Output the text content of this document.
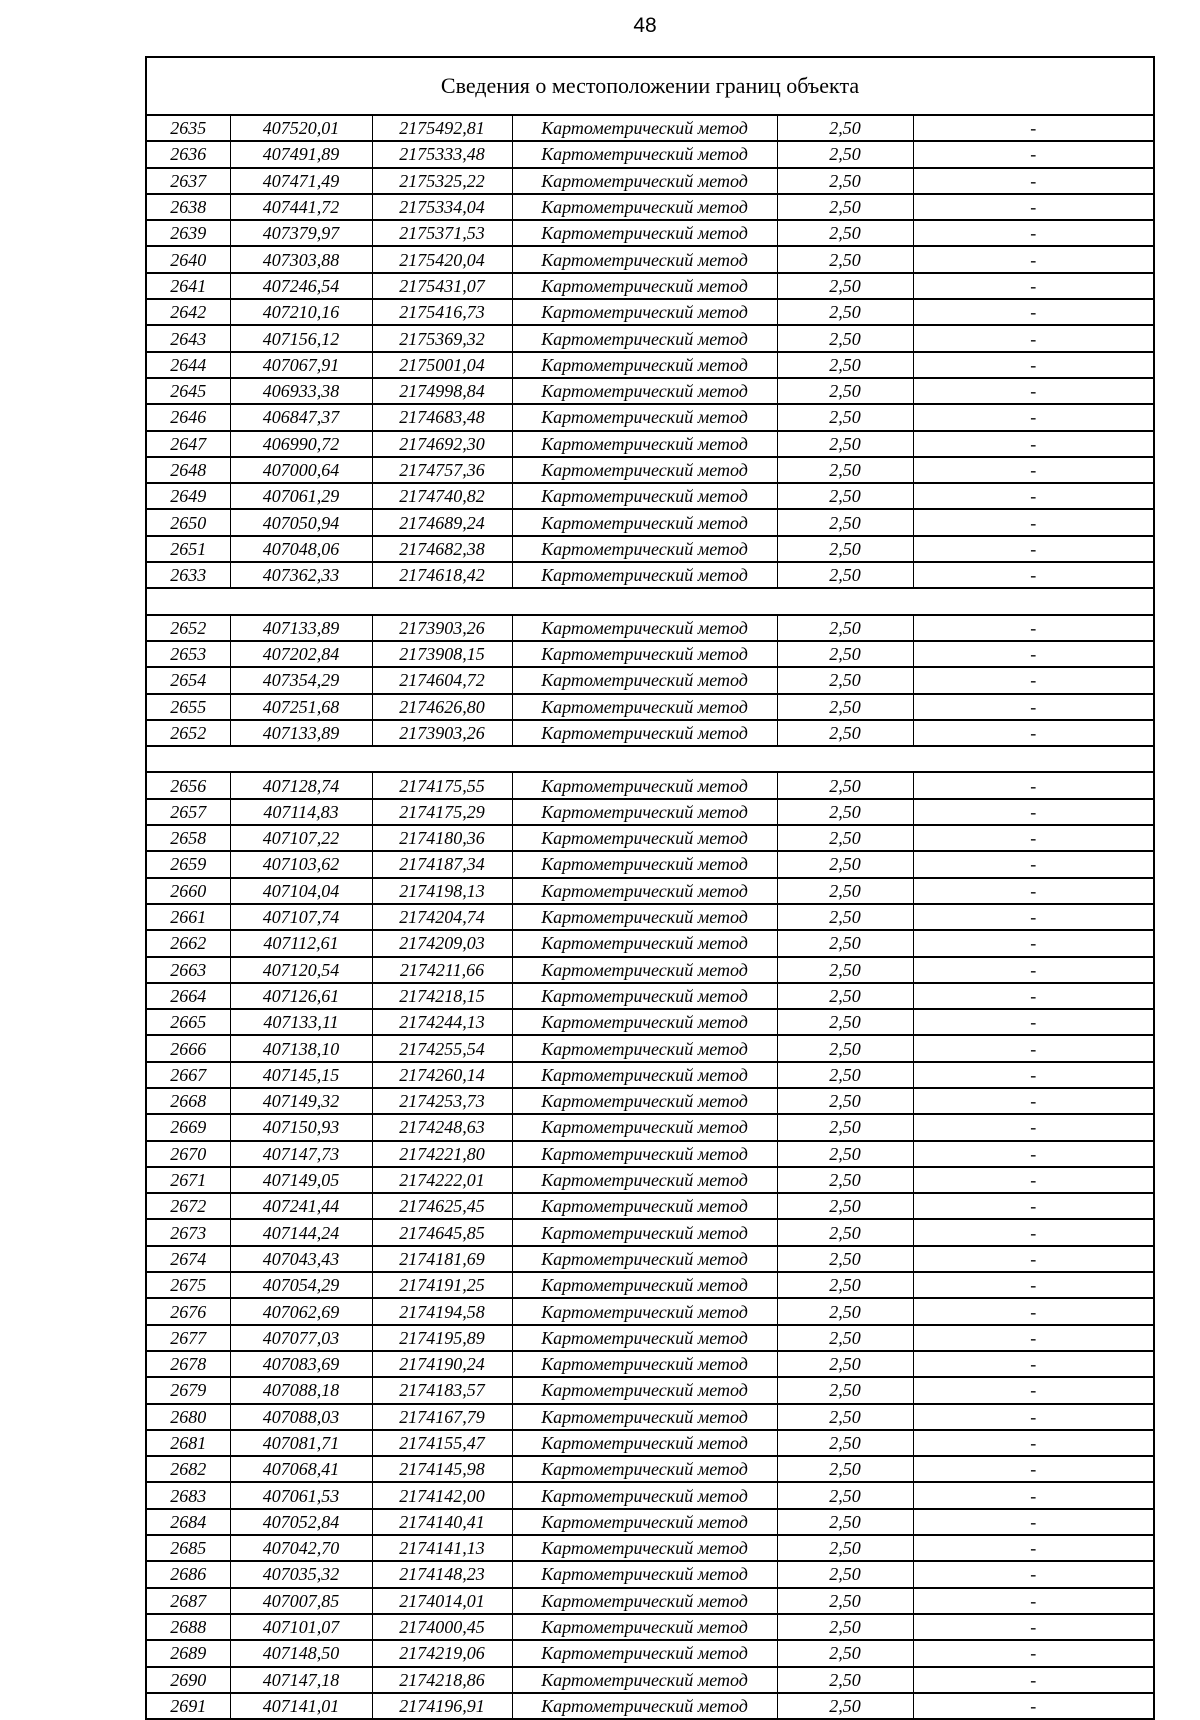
48
Сведения о местоположении границ объекта
2635	407520,01	2175492,81	Картометрический метод	2,50	-
2636	407491,89	2175333,48	Картометрический метод	2,50	-
2637	407471,49	2175325,22	Картометрический метод	2,50	-
2638	407441,72	2175334,04	Картометрический метод	2,50	-
2639	407379,97	2175371,53	Картометрический метод	2,50	-
2640	407303,88	2175420,04	Картометрический метод	2,50	-
2641	407246,54	2175431,07	Картометрический метод	2,50	-
2642	407210,16	2175416,73	Картометрический метод	2,50	-
2643	407156,12	2175369,32	Картометрический метод	2,50	-
2644	407067,91	2175001,04	Картометрический метод	2,50	-
2645	406933,38	2174998,84	Картометрический метод	2,50	-
2646	406847,37	2174683,48	Картометрический метод	2,50	-
2647	406990,72	2174692,30	Картометрический метод	2,50	-
2648	407000,64	2174757,36	Картометрический метод	2,50	-
2649	407061,29	2174740,82	Картометрический метод	2,50	-
2650	407050,94	2174689,24	Картометрический метод	2,50	-
2651	407048,06	2174682,38	Картометрический метод	2,50	-
2633	407362,33	2174618,42	Картометрический метод	2,50	-

2652	407133,89	2173903,26	Картометрический метод	2,50	-
2653	407202,84	2173908,15	Картометрический метод	2,50	-
2654	407354,29	2174604,72	Картометрический метод	2,50	-
2655	407251,68	2174626,80	Картометрический метод	2,50	-
2652	407133,89	2173903,26	Картометрический метод	2,50	-

2656	407128,74	2174175,55	Картометрический метод	2,50	-
2657	407114,83	2174175,29	Картометрический метод	2,50	-
2658	407107,22	2174180,36	Картометрический метод	2,50	-
2659	407103,62	2174187,34	Картометрический метод	2,50	-
2660	407104,04	2174198,13	Картометрический метод	2,50	-
2661	407107,74	2174204,74	Картометрический метод	2,50	-
2662	407112,61	2174209,03	Картометрический метод	2,50	-
2663	407120,54	2174211,66	Картометрический метод	2,50	-
2664	407126,61	2174218,15	Картометрический метод	2,50	-
2665	407133,11	2174244,13	Картометрический метод	2,50	-
2666	407138,10	2174255,54	Картометрический метод	2,50	-
2667	407145,15	2174260,14	Картометрический метод	2,50	-
2668	407149,32	2174253,73	Картометрический метод	2,50	-
2669	407150,93	2174248,63	Картометрический метод	2,50	-
2670	407147,73	2174221,80	Картометрический метод	2,50	-
2671	407149,05	2174222,01	Картометрический метод	2,50	-
2672	407241,44	2174625,45	Картометрический метод	2,50	-
2673	407144,24	2174645,85	Картометрический метод	2,50	-
2674	407043,43	2174181,69	Картометрический метод	2,50	-
2675	407054,29	2174191,25	Картометрический метод	2,50	-
2676	407062,69	2174194,58	Картометрический метод	2,50	-
2677	407077,03	2174195,89	Картометрический метод	2,50	-
2678	407083,69	2174190,24	Картометрический метод	2,50	-
2679	407088,18	2174183,57	Картометрический метод	2,50	-
2680	407088,03	2174167,79	Картометрический метод	2,50	-
2681	407081,71	2174155,47	Картометрический метод	2,50	-
2682	407068,41	2174145,98	Картометрический метод	2,50	-
2683	407061,53	2174142,00	Картометрический метод	2,50	-
2684	407052,84	2174140,41	Картометрический метод	2,50	-
2685	407042,70	2174141,13	Картометрический метод	2,50	-
2686	407035,32	2174148,23	Картометрический метод	2,50	-
2687	407007,85	2174014,01	Картометрический метод	2,50	-
2688	407101,07	2174000,45	Картометрический метод	2,50	-
2689	407148,50	2174219,06	Картометрический метод	2,50	-
2690	407147,18	2174218,86	Картометрический метод	2,50	-
2691	407141,01	2174196,91	Картометрический метод	2,50	-
